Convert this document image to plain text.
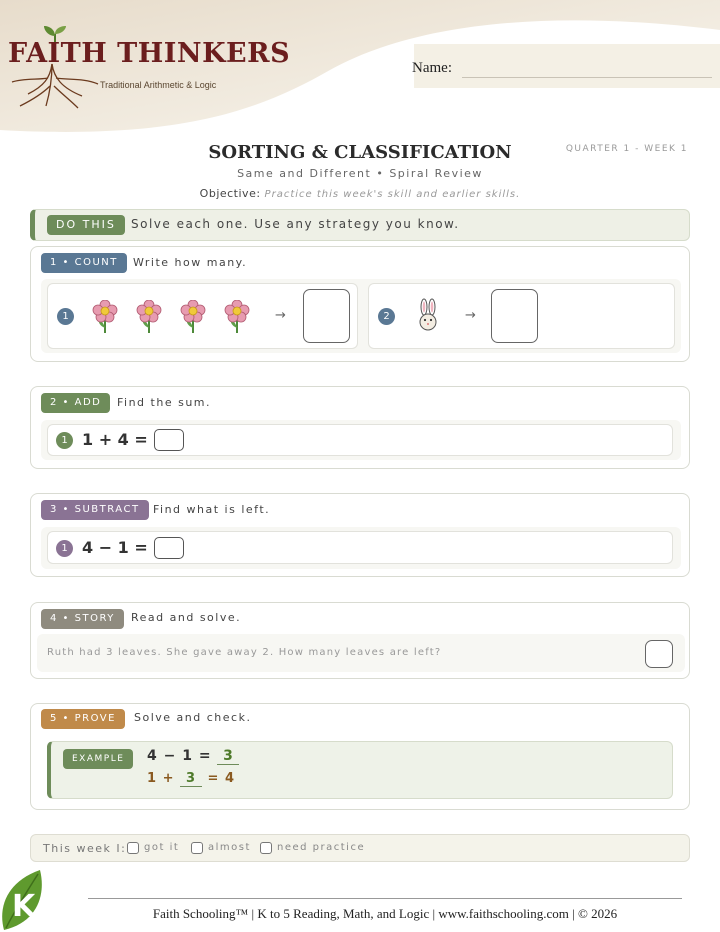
FAITH THINKERS
Traditional Arithmetic & Logic
Name:
SORTING & CLASSIFICATION	QUARTER 1 - WEEK 1
Same and Different • Spiral Review
Objective: Practice this week's skill and earlier skills.
DO THIS	Solve each one. Use any strategy you know.
1 • COUNT	Write how many.
1	→	2	→
2 • ADD	Find the sum.
1 1 + 4 =
3 • SUBTRACT	Find what is left.
1 4 − 1 =
4 • STORY	Read and solve.
Ruth had 3 leaves. She gave away 2. How many leaves are left?
5 • PROVE	Solve and check.
EXAMPLE	4 − 1 = 3
1 + 3 = 4
This week I: got it	almost	need practice
K	Faith Schooling™ | K to 5 Reading, Math, and Logic | www.faithschooling.com | © 2026
